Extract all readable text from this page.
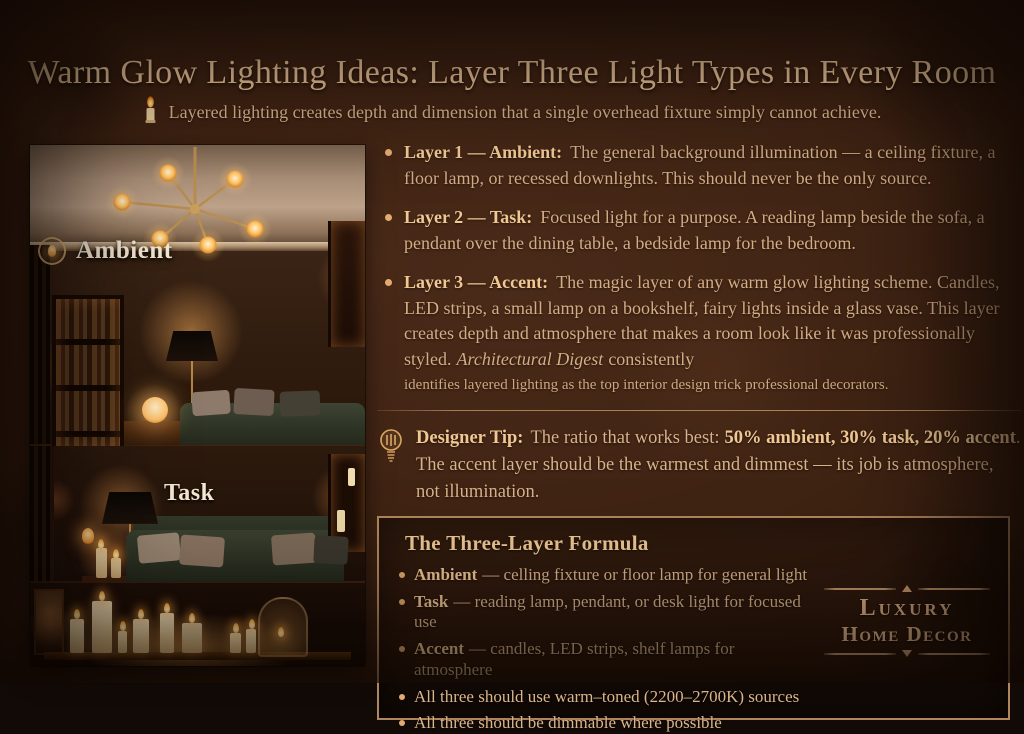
Warm Glow Lighting Ideas: Layer Three Light Types in Every Room
Layered lighting creates depth and dimension that a single overhead fixture simply cannot achieve.
Ambient
Task
Layer 1 — Ambient: The general background illumination — a ceiling fixture, a floor lamp, or recessed downlights. This should never be the only source.
Layer 2 — Task: Focused light for a purpose. A reading lamp beside the sofa, a pendant over the dining table, a bedside lamp for the bedroom.
Layer 3 — Accent: The magic layer of any warm glow lighting scheme. Candles, LED strips, a small lamp on a bookshelf, fairy lights inside a glass vase. This layer creates depth and atmosphere that makes a room look like it was professionally styled. Architectural Digest consistently
identifies layered lighting as the top interior design trick professional decorators.
Designer Tip: The ratio that works best: 50% ambient, 30% task, 20% accent. The accent layer should be the warmest and dimmest — its job is atmosphere, not illumination.
The Three-Layer Formula
Ambient — celling fixture or floor lamp for general light
Task — reading lamp, pendant, or desk light for focused use
Accent — candles, LED strips, shelf lamps for atmosphere
All three should use warm–toned (2200–2700K) sources
All three should be dimmable where possible
Luxury
Home Decor
